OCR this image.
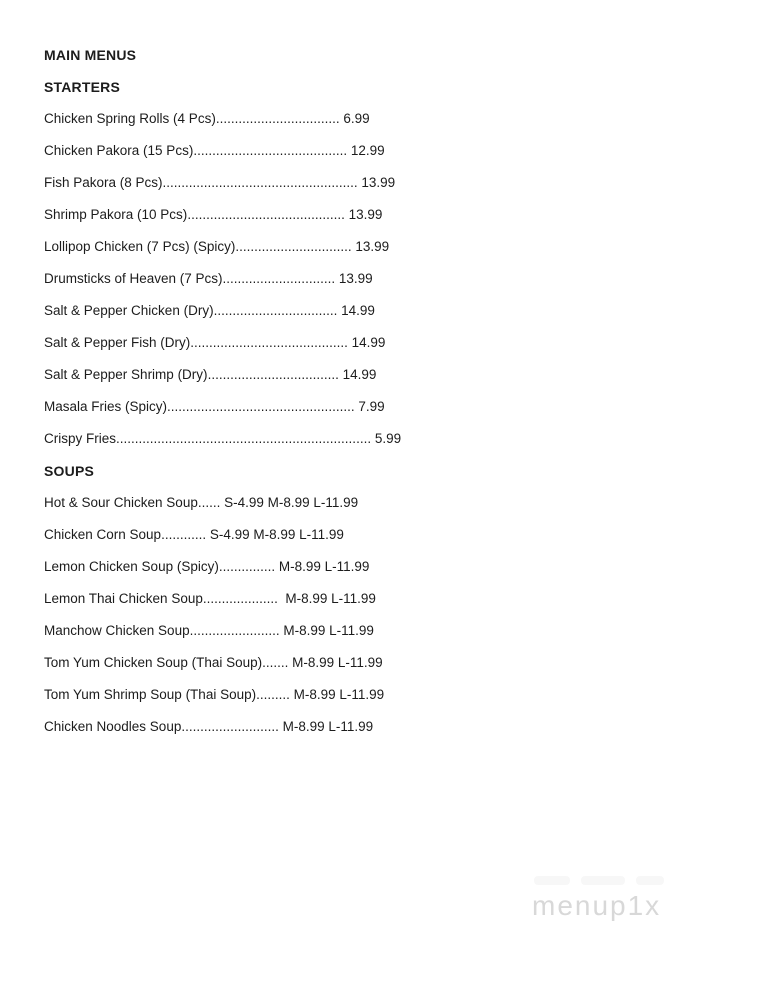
MAIN MENUS

STARTERS

Chicken Spring Rolls (4 Pcs)................................. 6.99

Chicken Pakora (15 Pcs)......................................... 12.99

Fish Pakora (8 Pcs).................................................... 13.99

Shrimp Pakora (10 Pcs).......................................... 13.99

Lollipop Chicken (7 Pcs) (Spicy)............................... 13.99

Drumsticks of Heaven (7 Pcs).............................. 13.99

Salt & Pepper Chicken (Dry)................................. 14.99

Salt & Pepper Fish (Dry).......................................... 14.99

Salt & Pepper Shrimp (Dry)................................... 14.99

Masala Fries (Spicy).................................................. 7.99

Crispy Fries.................................................................... 5.99

SOUPS

Hot & Sour Chicken Soup...... S-4.99 M-8.99 L-11.99

Chicken Corn Soup............ S-4.99 M-8.99 L-11.99

Lemon Chicken Soup (Spicy)............... M-8.99 L-11.99

Lemon Thai Chicken Soup....................  M-8.99 L-11.99

Manchow Chicken Soup........................ M-8.99 L-11.99

Tom Yum Chicken Soup (Thai Soup)....... M-8.99 L-11.99

Tom Yum Shrimp Soup (Thai Soup)......... M-8.99 L-11.99

Chicken Noodles Soup.......................... M-8.99 L-11.99

menup1x
